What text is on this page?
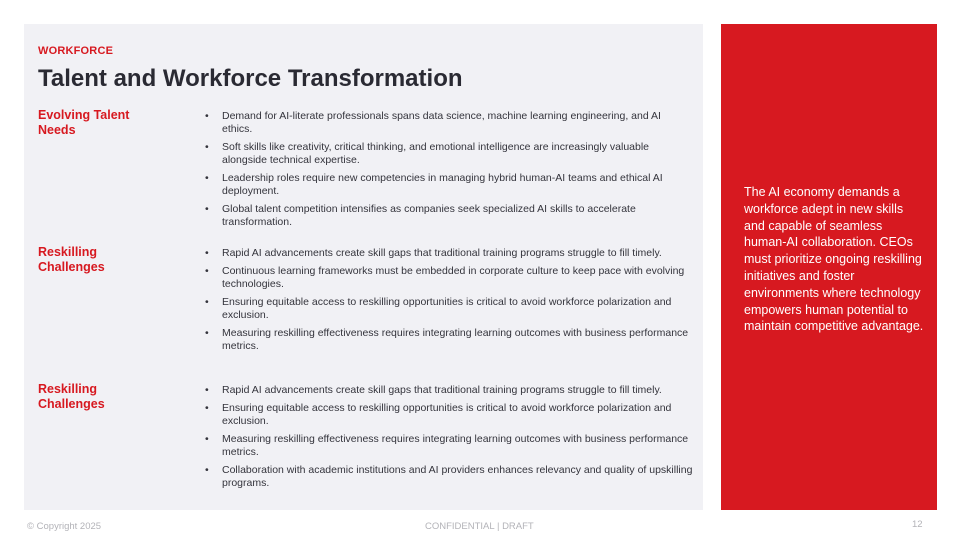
WORKFORCE

Talent and Workforce Transformation

Evolving Talent Needs

• Demand for AI-literate professionals spans data science, machine learning engineering, and AI ethics.
• Soft skills like creativity, critical thinking, and emotional intelligence are increasingly valuable alongside technical expertise.
• Leadership roles require new competencies in managing hybrid human-AI teams and ethical AI deployment.
• Global talent competition intensifies as companies seek specialized AI skills to accelerate transformation.

Reskilling Challenges

• Rapid AI advancements create skill gaps that traditional training programs struggle to fill timely.
• Continuous learning frameworks must be embedded in corporate culture to keep pace with evolving technologies.
• Ensuring equitable access to reskilling opportunities is critical to avoid workforce polarization and exclusion.
• Measuring reskilling effectiveness requires integrating learning outcomes with business performance metrics.

Reskilling Challenges

• Rapid AI advancements create skill gaps that traditional training programs struggle to fill timely.
• Ensuring equitable access to reskilling opportunities is critical to avoid workforce polarization and exclusion.
• Measuring reskilling effectiveness requires integrating learning outcomes with business performance metrics.
• Collaboration with academic institutions and AI providers enhances relevancy and quality of upskilling programs.

The AI economy demands a workforce adept in new skills and capable of seamless human-AI collaboration. CEOs must prioritize ongoing reskilling initiatives and foster environments where technology empowers human potential to maintain competitive advantage.

© Copyright 2025	CONFIDENTIAL | DRAFT	12
